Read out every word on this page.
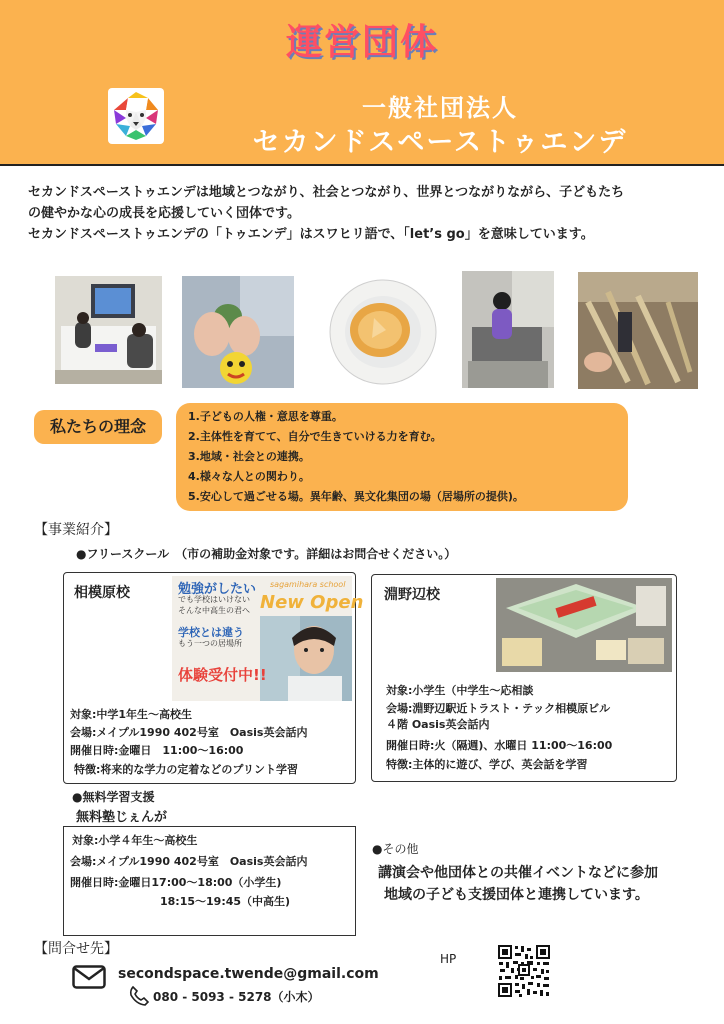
運営団体
一般社団法人
セカンドスペーストゥエンデ
セカンドスペーストゥエンデは地域とつながり、社会とつながり、世界とつながりながら、子どもたち
の健やかな心の成長を応援していく団体です。
セカンドスペーストゥエンデの「トゥエンデ」はスワヒリ語で、「let’s go」を意味しています。
私たちの理念
1.子どもの人権・意思を尊重。
2.主体性を育てて、自分で生きていける力を育む。
3.地域・社会との連携。
4.様々な人との関わり。
5.安心して過ごせる場。異年齢、異文化集団の場（居場所の提供)。
【事業紹介】
●フリースクール　（市の補助金対象です。詳細はお問合せください。）
相模原校	勉強がしたい
でも学校はいけない
そんな中高生の君へ
学校とは違う
もう一つの居場所
体験受付中!!
sagamihara school
New Open
対象:中学1年生～高校生
会場:メイプル1990 402号室　Oasis英会話内
開催日時:金曜日　11:00～16:00
特徴:将来的な学力の定着などのプリント学習
淵野辺校
対象:小学生（中学生～応相談
会場:淵野辺駅近トラスト・テック相模原ビル
４階 Oasis英会話内
開催日時:火（隔週)、水曜日 11:00～16:00
特徴:主体的に遊び、学び、英会話を学習
●無料学習支援
無料塾じぇんが
対象:小学４年生～高校生
会場:メイプル1990 402号室　Oasis英会話内
開催日時:金曜日17:00～18:00（小学生)
18:15～19:45（中高生)
●その他
講演会や他団体との共催イベントなどに参加
地域の子ども支援団体と連携しています。
【問合せ先】
secondspace.twende@gmail.com
080 - 5093 - 5278（小木）
HP
